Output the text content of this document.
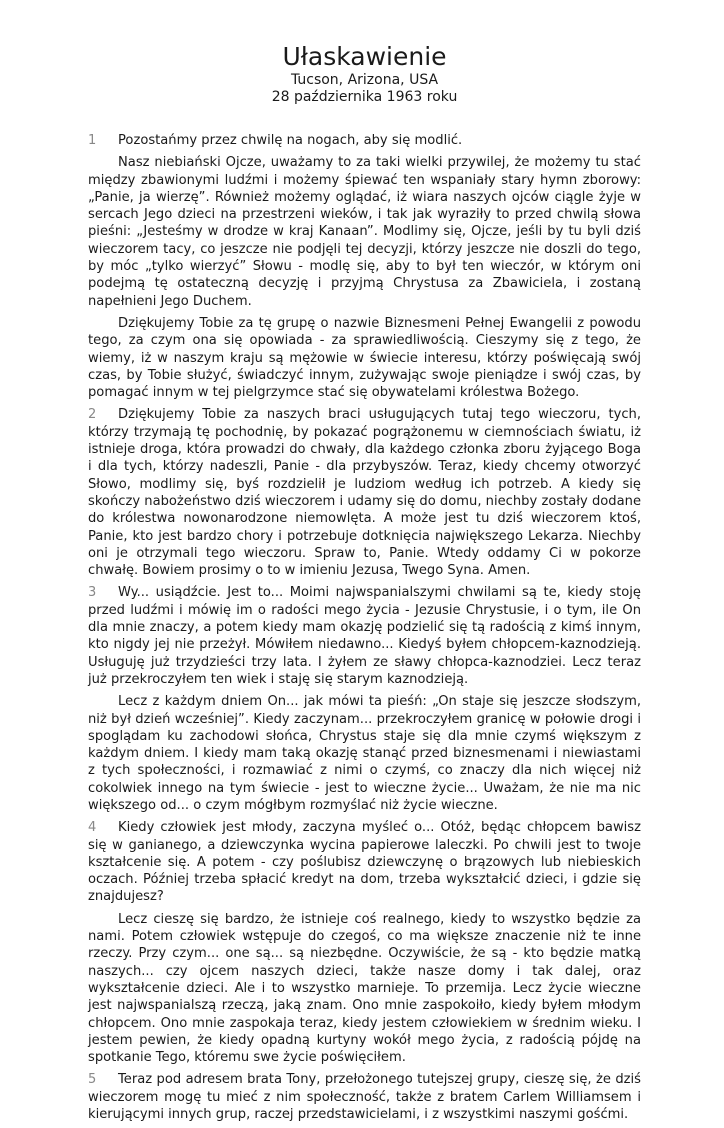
Ułaskawienie

Tucson, Arizona, USA

28 października 1963 roku

1 Pozostańmy przez chwilę na nogach, aby się modlić.

Nasz niebiański Ojcze, uważamy to za taki wielki przywilej, że możemy tu stać między zbawionymi ludźmi i możemy śpiewać ten wspaniały stary hymn zborowy: „Panie, ja wierzę”. Również możemy oglądać, iż wiara naszych ojców ciągle żyje w sercach Jego dzieci na przestrzeni wieków, i tak jak wyraziły to przed chwilą słowa pieśni: „Jesteśmy w drodze w kraj Kanaan”. Modlimy się, Ojcze, jeśli by tu byli dziś wieczorem tacy, co jeszcze nie podjęli tej decyzji, którzy jeszcze nie doszli do tego, by móc „tylko wierzyć” Słowu - modlę się, aby to był ten wieczór, w którym oni podejmą tę ostateczną decyzję i przyjmą Chrystusa za Zbawiciela, i zostaną napełnieni Jego Duchem.

Dziękujemy Tobie za tę grupę o nazwie Biznesmeni Pełnej Ewangelii z powodu tego, za czym ona się opowiada - za sprawiedliwością. Cieszymy się z tego, że wiemy, iż w naszym kraju są mężowie w świecie interesu, którzy poświęcają swój czas, by Tobie służyć, świadczyć innym, zużywając swoje pieniądze i swój czas, by pomagać innym w tej pielgrzymce stać się obywatelami królestwa Bożego.

2 Dziękujemy Tobie za naszych braci usługujących tutaj tego wieczoru, tych, którzy trzymają tę pochodnię, by pokazać pogrążonemu w ciemnościach światu, iż istnieje droga, która prowadzi do chwały, dla każdego członka zboru żyjącego Boga i dla tych, którzy nadeszli, Panie - dla przybyszów. Teraz, kiedy chcemy otworzyć Słowo, modlimy się, byś rozdzielił je ludziom według ich potrzeb. A kiedy się skończy nabożeństwo dziś wieczorem i udamy się do domu, niechby zostały dodane do królestwa nowonarodzone niemowlęta. A może jest tu dziś wieczorem ktoś, Panie, kto jest bardzo chory i potrzebuje dotknięcia największego Lekarza. Niechby oni je otrzymali tego wieczoru. Spraw to, Panie. Wtedy oddamy Ci w pokorze chwałę. Bowiem prosimy o to w imieniu Jezusa, Twego Syna. Amen.

3 Wy... usiądźcie. Jest to... Moimi najwspanialszymi chwilami są te, kiedy stoję przed ludźmi i mówię im o radości mego życia - Jezusie Chrystusie, i o tym, ile On dla mnie znaczy, a potem kiedy mam okazję podzielić się tą radością z kimś innym, kto nigdy jej nie przeżył. Mówiłem niedawno... Kiedyś byłem chłopcem-kaznodzieją. Usługuję już trzydzieści trzy lata. I żyłem ze sławy chłopca-kaznodziei. Lecz teraz już przekroczyłem ten wiek i staję się starym kaznodzieją.

Lecz z każdym dniem On... jak mówi ta pieśń: „On staje się jeszcze słodszym, niż był dzień wcześniej”. Kiedy zaczynam... przekroczyłem granicę w połowie drogi i spoglądam ku zachodowi słońca, Chrystus staje się dla mnie czymś większym z każdym dniem. I kiedy mam taką okazję stanąć przed biznesmenami i niewiastami z tych społeczności, i rozmawiać z nimi o czymś, co znaczy dla nich więcej niż cokolwiek innego na tym świecie - jest to wieczne życie... Uważam, że nie ma nic większego od... o czym mógłbym rozmyślać niż życie wieczne.

4 Kiedy człowiek jest młody, zaczyna myśleć o... Otóż, będąc chłopcem bawisz się w ganianego, a dziewczynka wycina papierowe laleczki. Po chwili jest to twoje kształcenie się. A potem - czy poślubisz dziewczynę o brązowych lub niebieskich oczach. Później trzeba spłacić kredyt na dom, trzeba wykształcić dzieci, i gdzie się znajdujesz?

Lecz cieszę się bardzo, że istnieje coś realnego, kiedy to wszystko będzie za nami. Potem człowiek wstępuje do czegoś, co ma większe znaczenie niż te inne rzeczy. Przy czym... one są... są niezbędne. Oczywiście, że są - kto będzie matką naszych... czy ojcem naszych dzieci, także nasze domy i tak dalej, oraz wykształcenie dzieci. Ale i to wszystko marnieje. To przemija. Lecz życie wieczne jest najwspanialszą rzeczą, jaką znam. Ono mnie zaspokoiło, kiedy byłem młodym chłopcem. Ono mnie zaspokaja teraz, kiedy jestem człowiekiem w średnim wieku. I jestem pewien, że kiedy opadną kurtyny wokół mego życia, z radością pójdę na spotkanie Tego, któremu swe życie poświęciłem.

5 Teraz pod adresem brata Tony, przełożonego tutejszej grupy, cieszę się, że dziś wieczorem mogę tu mieć z nim społeczność, także z bratem Carlem Williamsem i kierującymi innych grup, raczej przedstawicielami, i z wszystkimi naszymi gośćmi.
